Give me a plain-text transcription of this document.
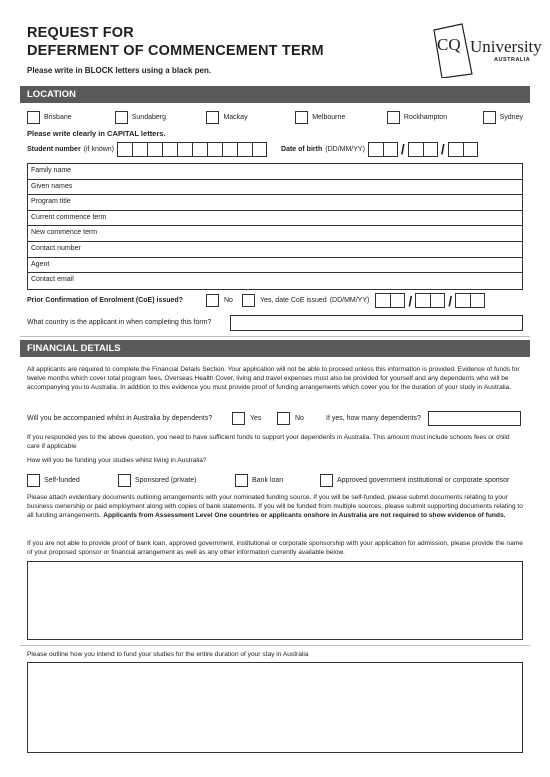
REQUEST FOR
DEFERMENT OF COMMENCEMENT TERM
Please write in BLOCK letters using a black pen.
CQ University
AUSTRALIA
LOCATION
Brisbane	Sundaberg	Mackay	Melbourne	Rockhampton	Sydney
Please write clearly in CAPITAL letters.
Student number (if known)	Date of birth (DD/MM/YY)	/	/
Family name
Given names
Program title
Current commence term
New commence term
Contact number
Agent
Contact email
Prior Confirmation of Enrolment (CoE) issued?	No	Yes, date CoE issued (DD/MM/YY)	/	/
What country is the applicant in when completing this form?
FINANCIAL DETAILS
All applicants are required to complete the Financial Details Section. Your application will not be able to proceed unless this information is provided. Evidence of funds for twelve months which cover total program fees, Overseas Health Cover, living and travel expenses must also be provided for yourself and any dependents who will be accompanying you to Australia. In addition to this evidence you must provide proof of funding arrangements which cover you for the duration of your study in Australia.
Will you be accompanied whilst in Australia by dependents?	Yes	No	If yes, how many dependents?
If you responded yes to the above question, you need to have sufficient funds to support your dependents in Australia. This amount must include schools fees or child care if applicable
How will you be funding your studies whilst living in Australia?
Self-funded	Sponsored (private)	Bank loan	Approved government institutional or corporate sponsor
Please attach evidentiary documents outlining arrangements with your nominated funding source. If you will be self-funded, please submit documents relating to your business ownership or paid employment along with copies of bank statements. If you will be funded from multiple sources, please submit supporting documents relating to all funding arrangements. Applicants from Assessment Level One countries or applicants onshore in Australia are not required to show evidence of funds.
If you are not able to provide proof of bank loan, approved government, institutional or corporate sponsorship with your application for admission, please provide the name of your proposed sponsor or financial arrangement as well as any other information currently available below.
Please outline how you intend to fund your studies for the entire duration of your stay in Australia
